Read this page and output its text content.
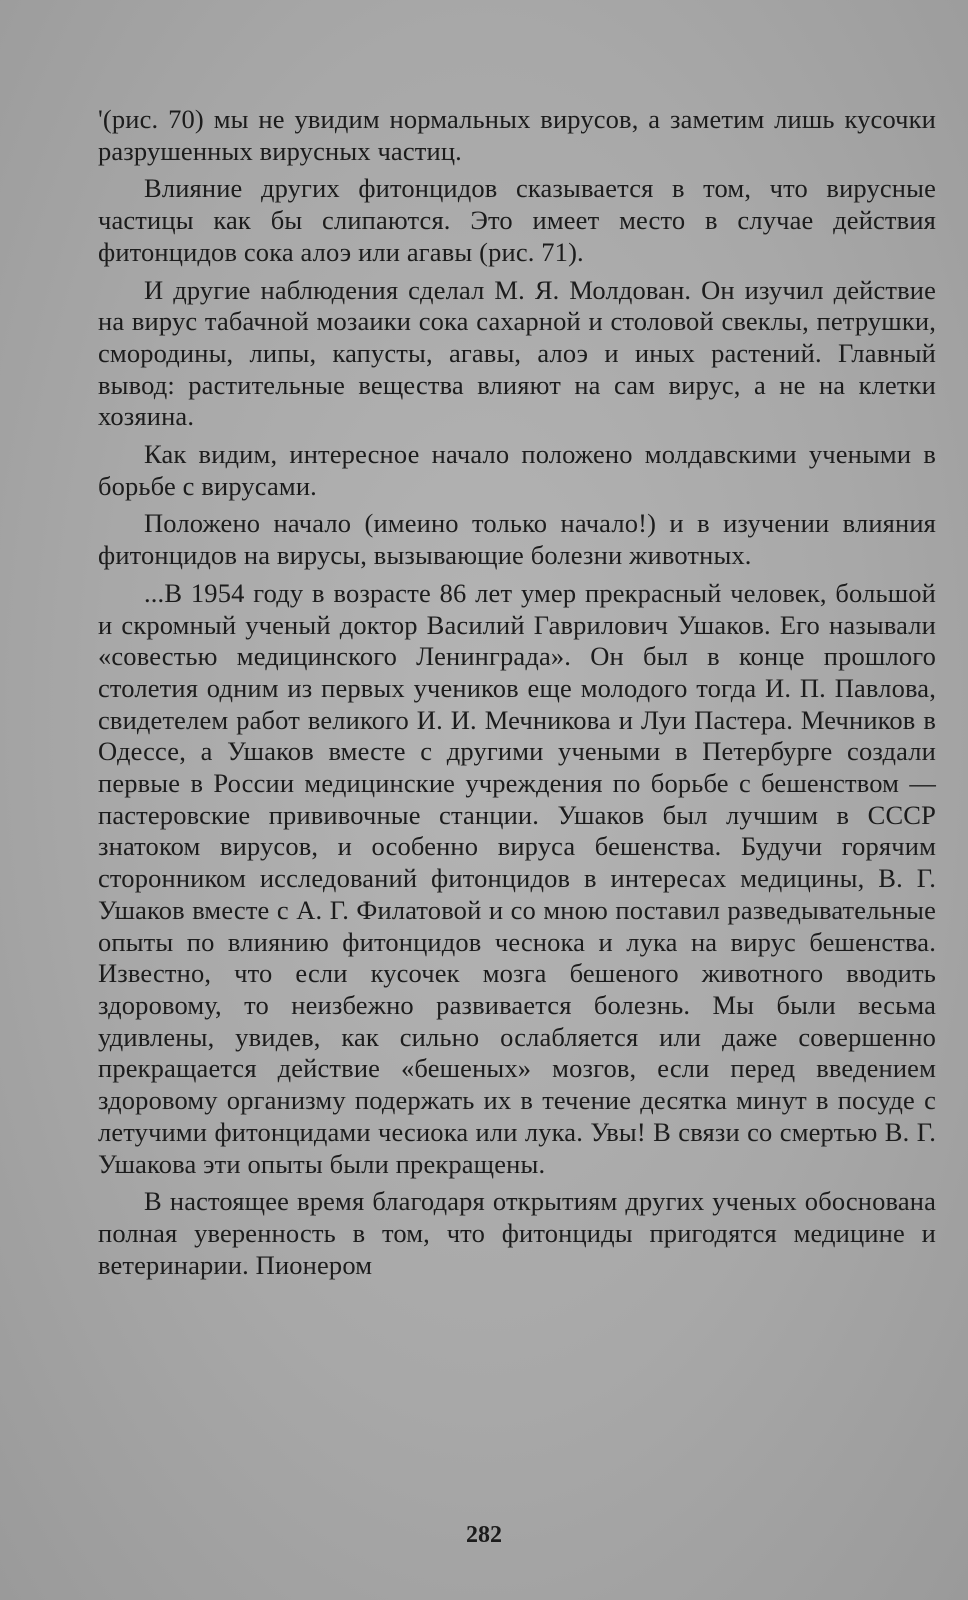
'(рис. 70) мы не увидим нормальных вирусов, а заметим лишь кусочки разрушенных вирусных частиц.

Влияние других фитонцидов сказывается в том, что вирусные частицы как бы слипаются. Это имеет место в случае действия фитонцидов сока алоэ или агавы (рис. 71).

И другие наблюдения сделал М. Я. Молдован. Он изучил действие на вирус табачной мозаики сока сахарной и столовой свеклы, петрушки, смородины, липы, капусты, агавы, алоэ и иных растений. Главный вывод: растительные вещества влияют на сам вирус, а не на клетки хозяина.

Как видим, интересное начало положено молдавскими учеными в борьбе с вирусами.

Положено начало (имеино только начало!) и в изучении влияния фитонцидов на вирусы, вызывающие болезни животных.

...В 1954 году в возрасте 86 лет умер прекрасный человек, большой и скромный ученый доктор Василий Гаврилович Ушаков. Его называли «совестью медицинского Ленинграда». Он был в конце прошлого столетия одним из первых учеников еще молодого тогда И. П. Павлова, свидетелем работ великого И. И. Мечникова и Луи Пастера. Мечников в Одессе, а Ушаков вместе с другими учеными в Петербурге создали первые в России медицинские учреждения по борьбе с бешенством — пастеровские прививочные станции. Ушаков был лучшим в СССР знатоком вирусов, и особенно вируса бешенства. Будучи горячим сторонником исследований фитонцидов в интересах медицины, В. Г. Ушаков вместе с А. Г. Филатовой и со мною поставил разведывательные опыты по влиянию фитонцидов чеснока и лука на вирус бешенства. Известно, что если кусочек мозга бешеного животного вводить здоровому, то неизбежно развивается болезнь. Мы были весьма удивлены, увидев, как сильно ослабляется или даже совершенно прекращается действие «бешеных» мозгов, если перед введением здоровому организму подержать их в течение десятка минут в посуде с летучими фитонцидами чесиока или лука. Увы! В связи со смертью В. Г. Ушакова эти опыты были прекращены.

В настоящее время благодаря открытиям других ученых обоснована полная уверенность в том, что фитонциды пригодятся медицине и ветеринарии. Пионером

282
